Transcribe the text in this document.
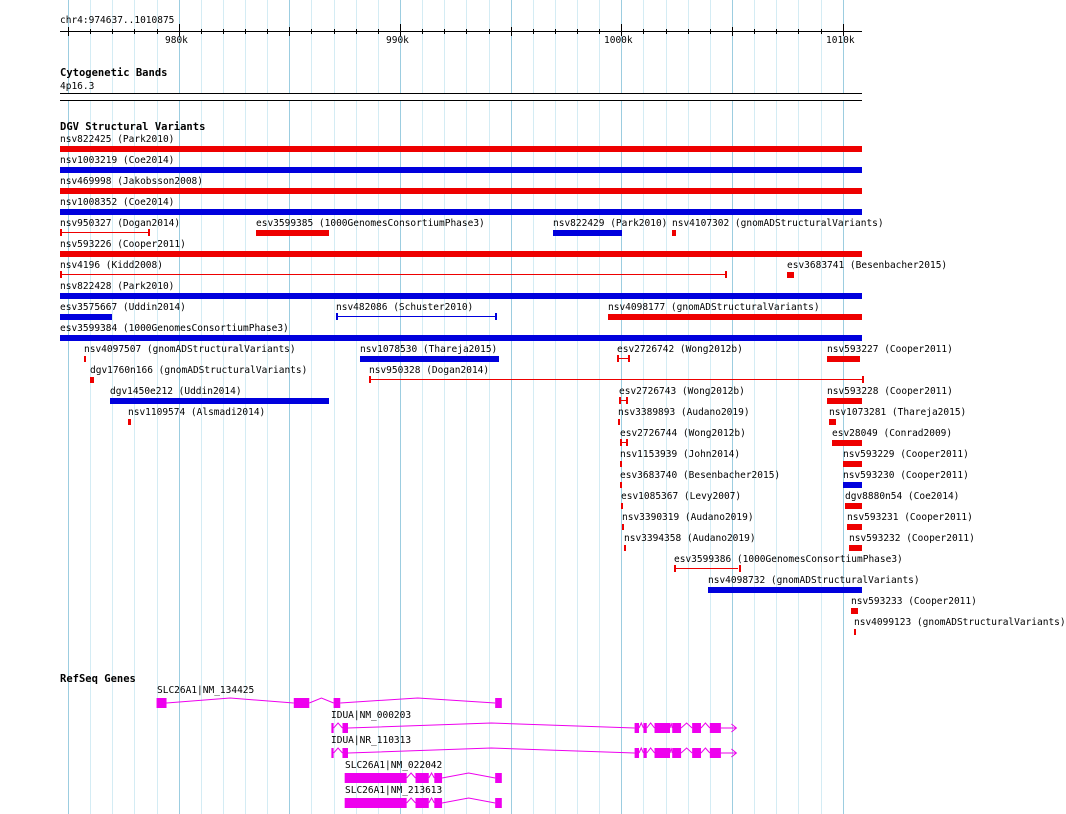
chr4:974637..1010875
980k	990k	1000k	1010k
Cytogenetic Bands
4p16.3
DGV Structural Variants
nsv822425 (Park2010)
nsv1003219 (Coe2014)
nsv469998 (Jakobsson2008)
nsv1008352 (Coe2014)
nsv950327 (Dogan2014)	esv3599385 (1000GenomesConsortiumPhase3)	nsv822429 (Park2010) nsv4107302 (gnomADStructuralVariants)
nsv593226 (Cooper2011)
nsv4196 (Kidd2008)	esv3683741 (Besenbacher2015)
nsv822428 (Park2010)
esv3575667 (Uddin2014)	nsv482086 (Schuster2010)	nsv4098177 (gnomADStructuralVariants)
esv3599384 (1000GenomesConsortiumPhase3)
nsv4097507 (gnomADStructuralVariants)	nsv1078530 (Thareja2015)	esv2726742 (Wong2012b)	nsv593227 (Cooper2011)
dgv1760n166 (gnomADStructuralVariants)	nsv950328 (Dogan2014)
dgv1450e212 (Uddin2014)	esv2726743 (Wong2012b)	nsv593228 (Cooper2011)
nsv1109574 (Alsmadi2014)	nsv3389893 (Audano2019)	nsv1073281 (Thareja2015)
esv2726744 (Wong2012b)	esv28049 (Conrad2009)
nsv1153939 (John2014)	nsv593229 (Cooper2011)
esv3683740 (Besenbacher2015)	nsv593230 (Cooper2011)
esv1085367 (Levy2007)	dgv8880n54 (Coe2014)
nsv3390319 (Audano2019)	nsv593231 (Cooper2011)
nsv3394358 (Audano2019)	nsv593232 (Cooper2011)
esv3599386 (1000GenomesConsortiumPhase3)
nsv4098732 (gnomADStructuralVariants)
nsv593233 (Cooper2011)
nsv4099123 (gnomADStructuralVariants)
RefSeq Genes
SLC26A1|NM_134425
IDUA|NM_000203
IDUA|NR_110313
SLC26A1|NM_022042
SLC26A1|NM_213613
